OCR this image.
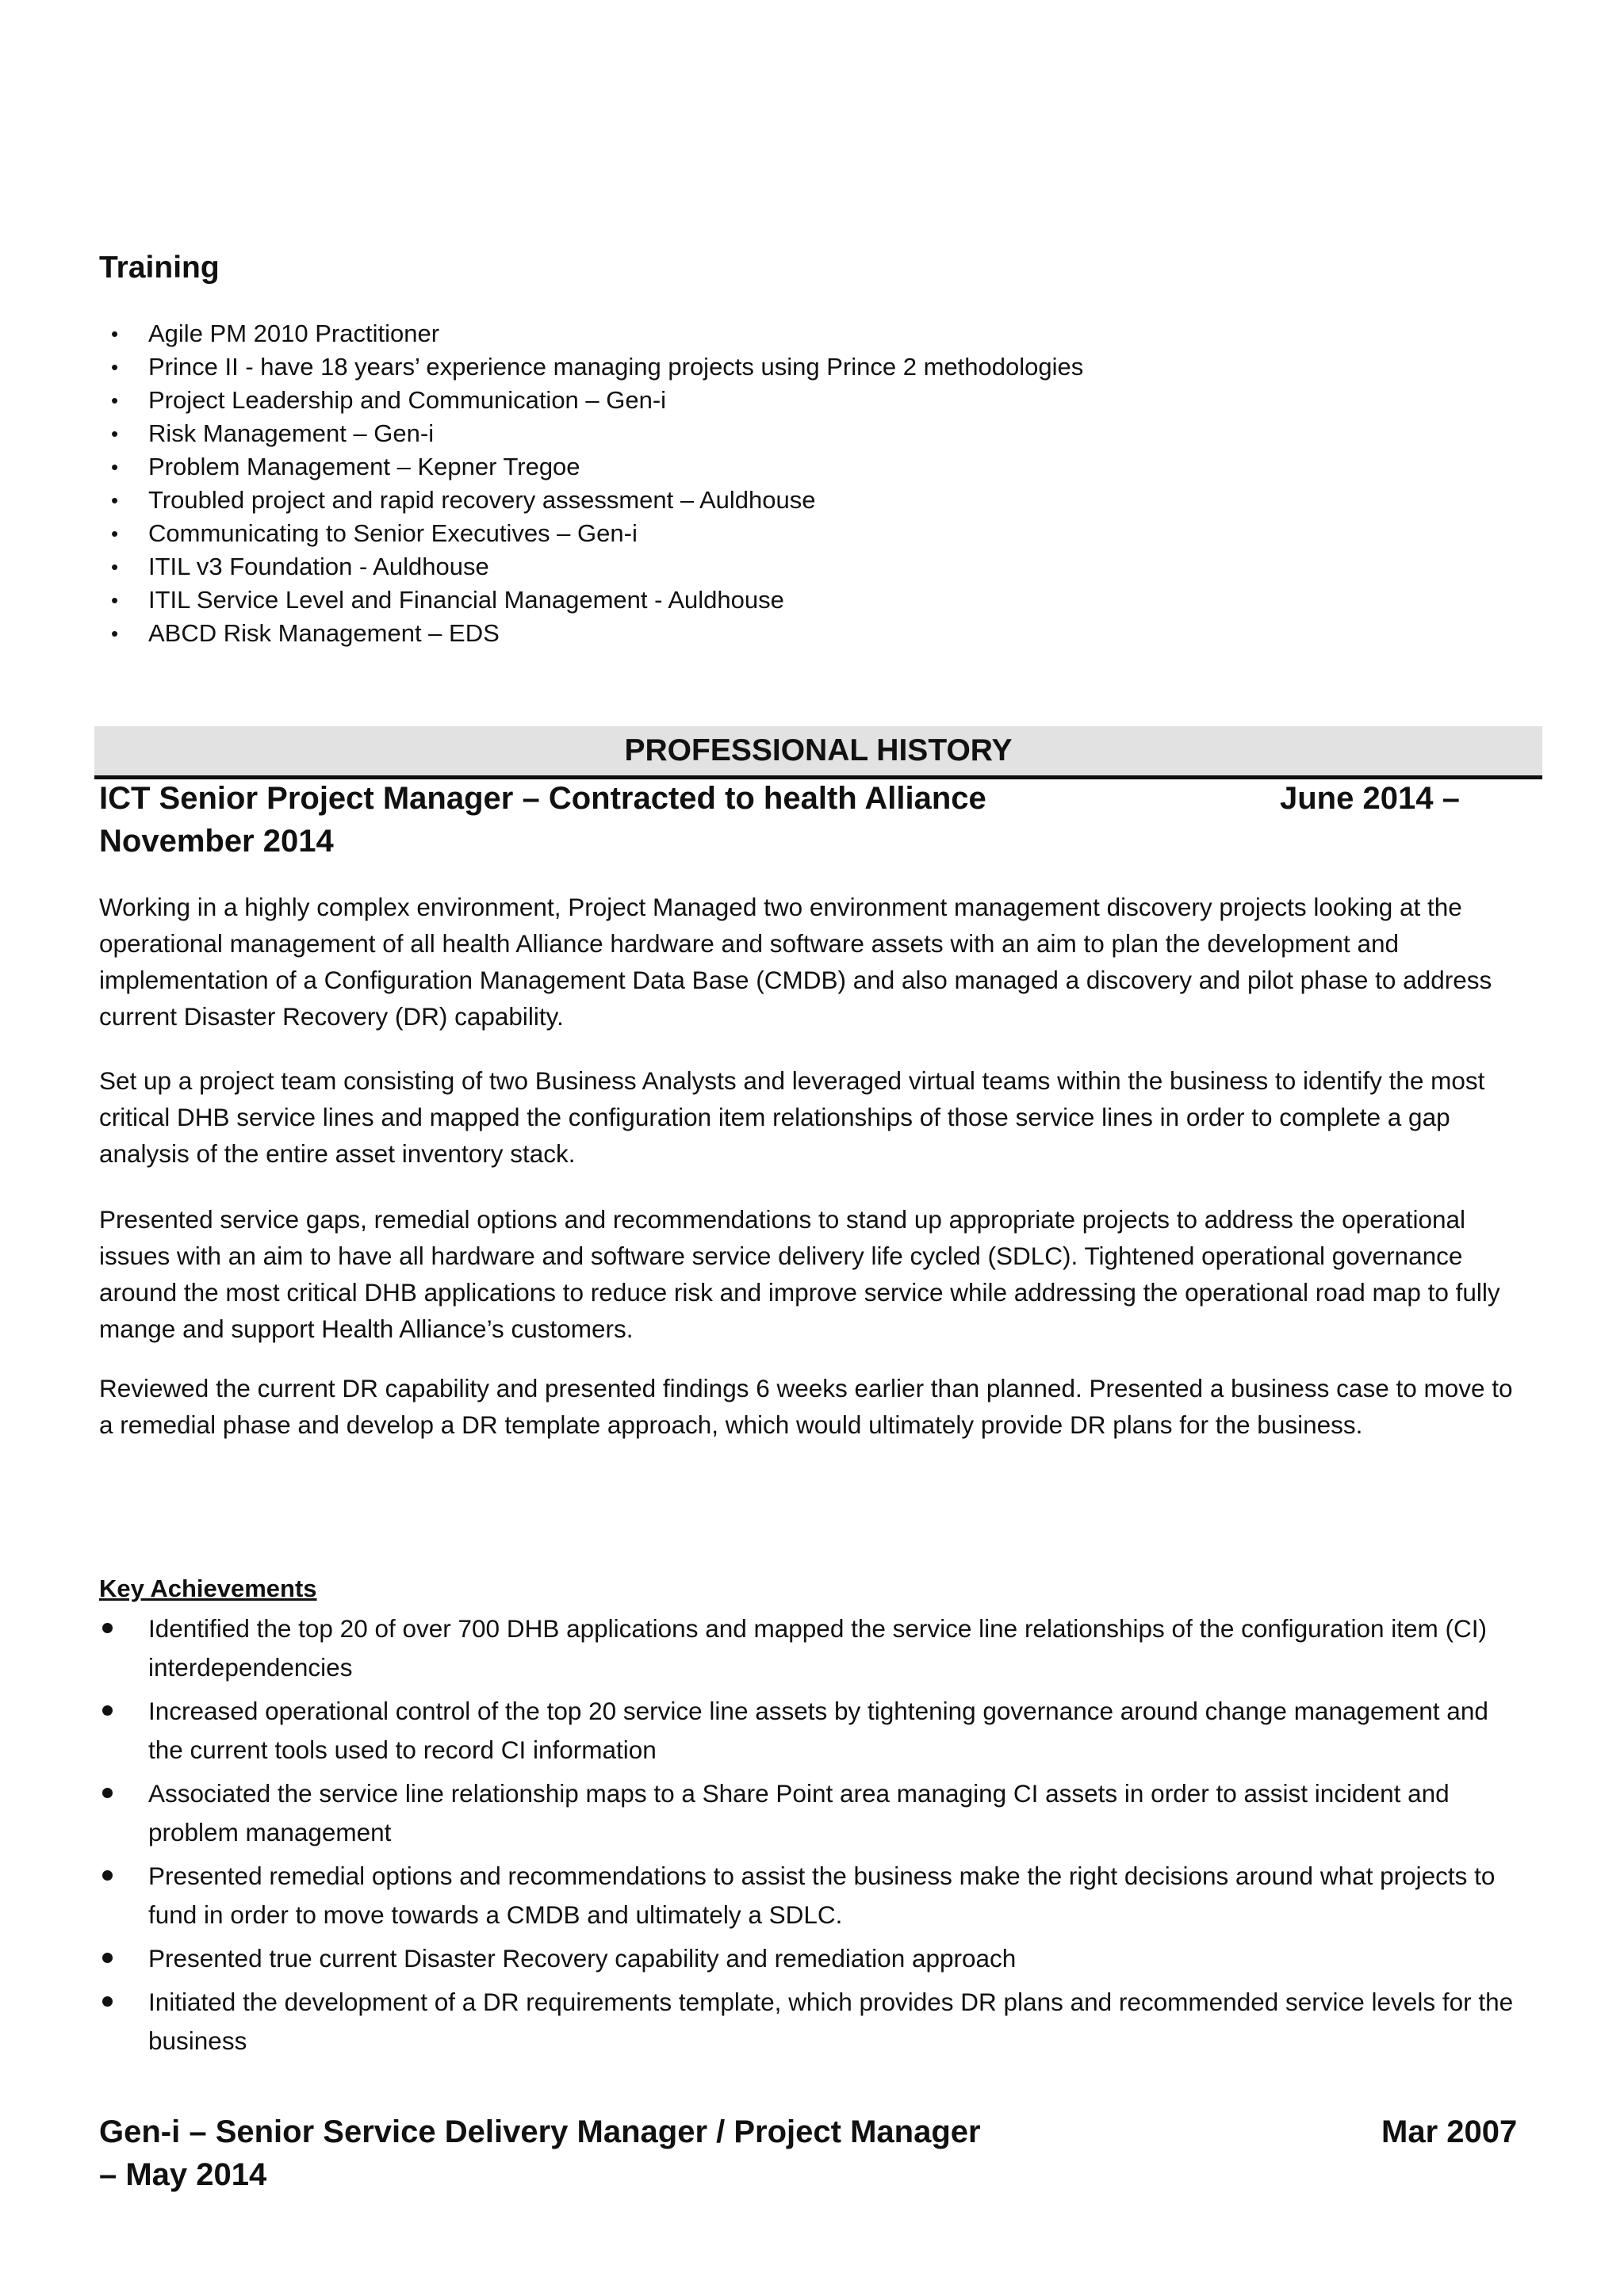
Training
• Agile PM 2010 Practitioner
• Prince II - have 18 years’ experience managing projects using Prince 2 methodologies
• Project Leadership and Communication – Gen-i
• Risk Management – Gen-i
• Problem Management – Kepner Tregoe
• Troubled project and rapid recovery assessment – Auldhouse
• Communicating to Senior Executives – Gen-i
• ITIL v3 Foundation - Auldhouse
• ITIL Service Level and Financial Management - Auldhouse
• ABCD Risk Management – EDS
PROFESSIONAL HISTORY
ICT Senior Project Manager – Contracted to health Alliance	June 2014 –
November 2014

Working in a highly complex environment, Project Managed two environment management discovery projects looking at the operational management of all health Alliance hardware and software assets with an aim to plan the development and implementation of a Configuration Management Data Base (CMDB) and also managed a discovery and pilot phase to address current Disaster Recovery (DR) capability.

Set up a project team consisting of two Business Analysts and leveraged virtual teams within the business to identify the most critical DHB service lines and mapped the configuration item relationships of those service lines in order to complete a gap analysis of the entire asset inventory stack.

Presented service gaps, remedial options and recommendations to stand up appropriate projects to address the operational issues with an aim to have all hardware and software service delivery life cycled (SDLC). Tightened operational governance around the most critical DHB applications to reduce risk and improve service while addressing the operational road map to fully mange and support Health Alliance’s customers.

Reviewed the current DR capability and presented findings 6 weeks earlier than planned. Presented a business case to move to a remedial phase and develop a DR template approach, which would ultimately provide DR plans for the business.

Key Achievements
Identified the top 20 of over 700 DHB applications and mapped the service line relationships of the configuration item (CI) interdependencies
Increased operational control of the top 20 service line assets by tightening governance around change management and the current tools used to record CI information
Associated the service line relationship maps to a Share Point area managing CI assets in order to assist incident and problem management
Presented remedial options and recommendations to assist the business make the right decisions around what projects to fund in order to move towards a CMDB and ultimately a SDLC.
Presented true current Disaster Recovery capability and remediation approach
Initiated the development of a DR requirements template, which provides DR plans and recommended service levels for the business
Gen-i – Senior Service Delivery Manager / Project Manager	Mar 2007
– May 2014
